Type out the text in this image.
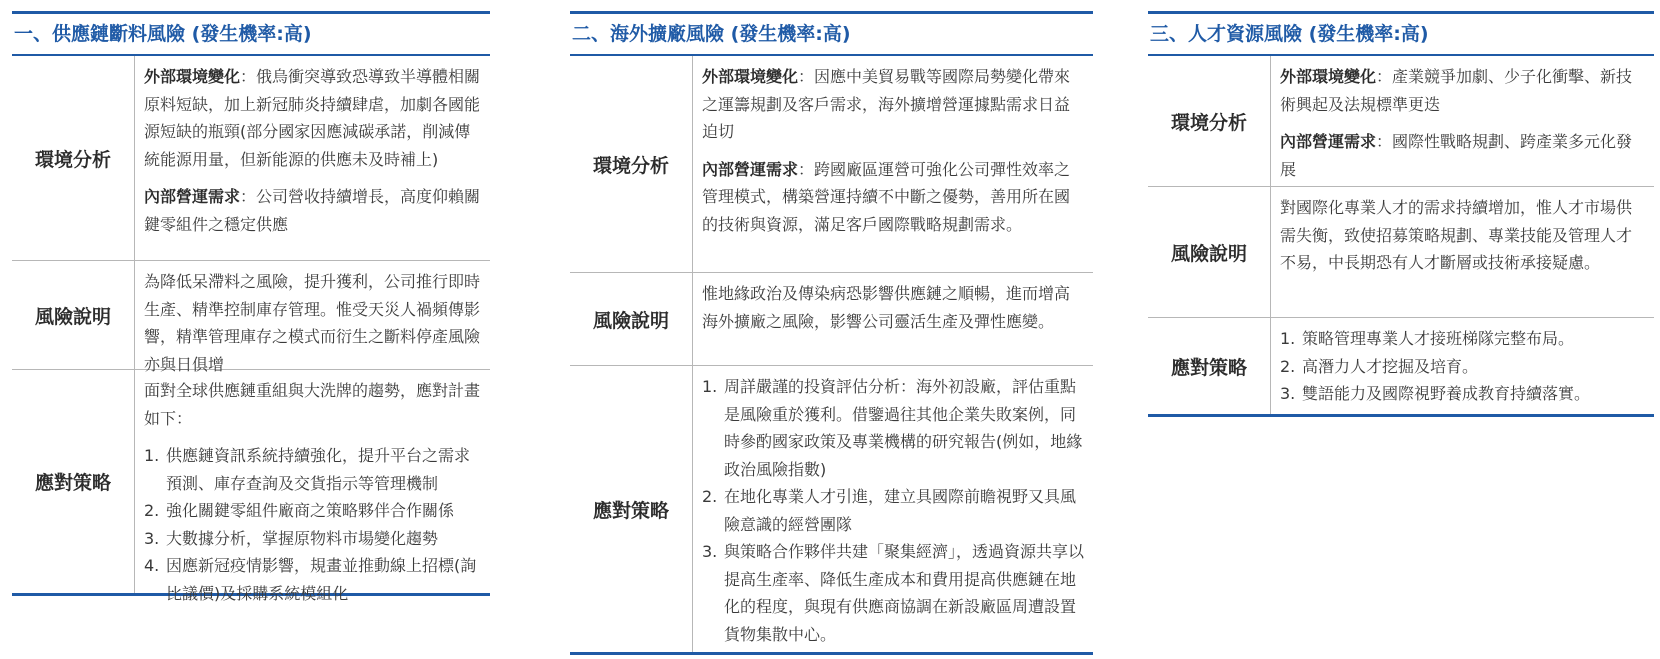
一、供應鏈斷料風險 (發生機率:高)
環境分析

外部環境變化：俄烏衝突導致恐導致半導體相關原料短缺，加上新冠肺炎持續肆虐，加劇各國能源短缺的瓶頸(部分國家因應減碳承諾，削減傳統能源用量，但新能源的供應未及時補上)

內部營運需求：公司營收持續增長，高度仰賴關鍵零組件之穩定供應

風險說明

為降低呆滯料之風險，提升獲利，公司推行即時生產、精準控制庫存管理。惟受天災人禍頻傳影響，精準管理庫存之模式而衍生之斷料停產風險亦與日俱增

應對策略

面對全球供應鏈重組與大洗牌的趨勢，應對計畫如下：

1. 供應鏈資訊系統持續強化，提升平台之需求預測、庫存查詢及交貨指示等管理機制
2. 強化關鍵零組件廠商之策略夥伴合作關係
3. 大數據分析，掌握原物料市場變化趨勢
4. 因應新冠疫情影響，規畫並推動線上招標(詢比議價)及採購系統模組化
二、海外擴廠風險 (發生機率:高)
環境分析

外部環境變化：因應中美貿易戰等國際局勢變化帶來之運籌規劃及客戶需求，海外擴增營運據點需求日益迫切

內部營運需求：跨國廠區運營可強化公司彈性效率之管理模式，構築營運持續不中斷之優勢，善用所在國的技術與資源，滿足客戶國際戰略規劃需求。

風險說明

惟地緣政治及傳染病恐影響供應鏈之順暢，進而增高海外擴廠之風險，影響公司靈活生產及彈性應變。

應對策略
1. 周詳嚴謹的投資評估分析：海外初設廠，評估重點是風險重於獲利。借鑒過往其他企業失敗案例，同時參酌國家政策及專業機構的研究報告(例如，地緣政治風險指數)
2. 在地化專業人才引進，建立具國際前瞻視野又具風險意識的經營團隊
3. 與策略合作夥伴共建「聚集經濟」，透過資源共享以提高生產率、降低生產成本和費用提高供應鏈在地化的程度，與現有供應商協調在新設廠區周遭設置貨物集散中心。
三、人才資源風險 (發生機率:高)
環境分析

外部環境變化：產業競爭加劇、少子化衝擊、新技術興起及法規標準更迭

內部營運需求：國際性戰略規劃、跨產業多元化發展

風險說明

對國際化專業人才的需求持續增加，惟人才市場供需失衡，致使招募策略規劃、專業技能及管理人才不易，中長期恐有人才斷層或技術承接疑慮。

應對策略
1. 策略管理專業人才接班梯隊完整布局。
2. 高潛力人才挖掘及培育。
3. 雙語能力及國際視野養成教育持續落實。
